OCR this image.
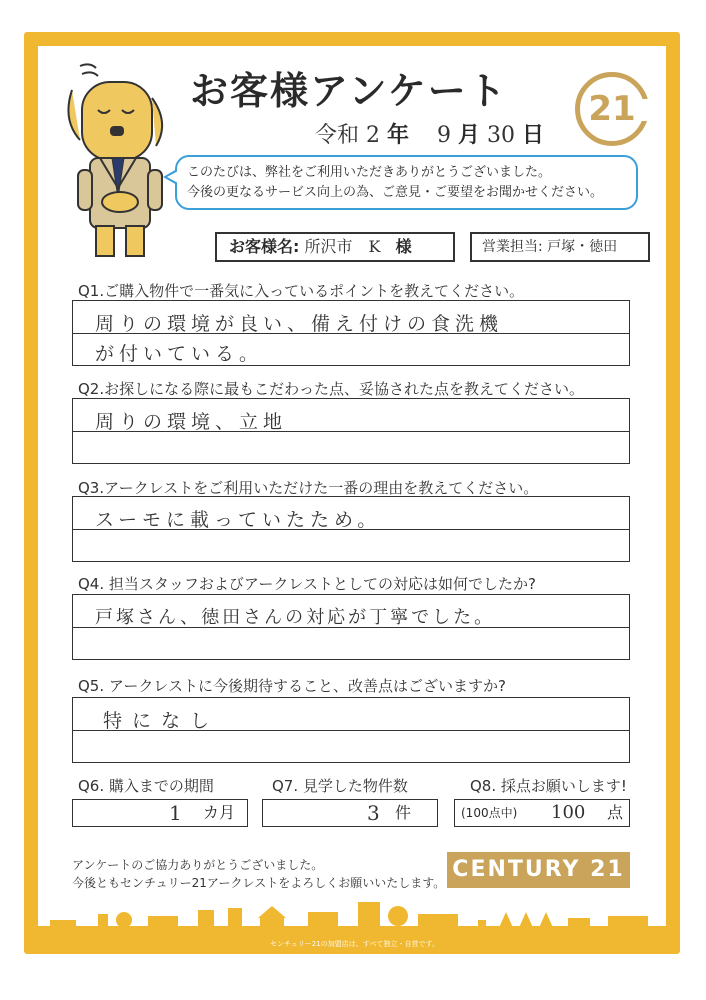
お客様アンケート	21
令和 2 年 9 月 30 日
このたびは、弊社をご利用いただきありがとうございました。
今後の更なるサービス向上の為、ご意見・ご要望をお聞かせください。
お客様名: 所沢市　K 様	営業担当: 戸塚・徳田
Q1.ご購入物件で一番気に入っているポイントを教えてください。
周りの環境が良い、備え付けの食洗機
が付いている。
Q2.お探しになる際に最もこだわった点、妥協された点を教えてください。
周りの環境、立地
Q3.アークレストをご利用いただけた一番の理由を教えてください。
スーモに載っていたため。
Q4. 担当スタッフおよびアークレストとしての対応は如何でしたか?
戸塚さん、徳田さんの対応が丁寧でした。
Q5. アークレストに今後期待すること、改善点はございますか?
特になし
Q6. 購入までの期間	Q7. 見学した物件数	Q8. 採点お願いします!
1 カ月	3 件	(100点中) 100 点
アンケートのご協力ありがとうございました。
今後ともセンチュリー21アークレストをよろしくお願いいたします。
CENTURY 21
センチュリー21の加盟店は、すべて独立・自営です。
